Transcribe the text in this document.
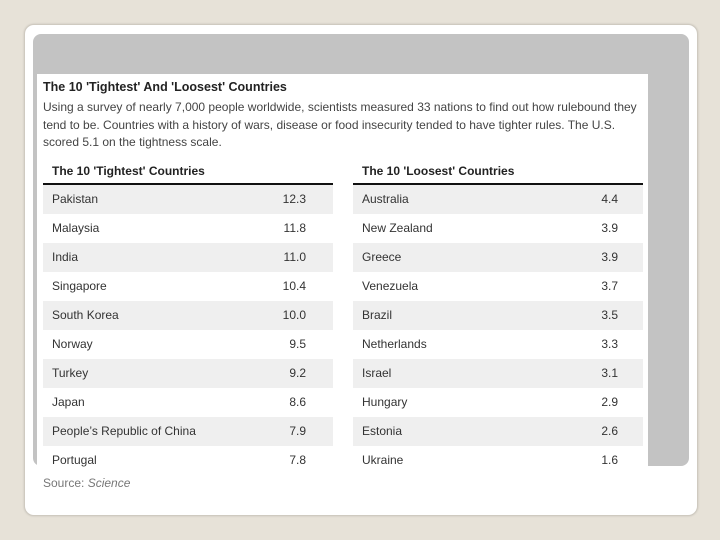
The 10 'Tightest' And 'Loosest' Countries

Using a survey of nearly 7,000 people worldwide, scientists measured 33 nations to find out how rulebound they tend to be. Countries with a history of wars, disease or food insecurity tended to have tighter rules. The U.S. scored 5.1 on the tightness scale.

The 10 'Tightest' Countries
Pakistan	12.3
Malaysia	11.8
India	11.0
Singapore	10.4
South Korea	10.0
Norway	9.5
Turkey	9.2
Japan	8.6
People’s Republic of China	7.9
Portugal	7.8
The 10 'Loosest' Countries
Australia	4.4
New Zealand	3.9
Greece	3.9
Venezuela	3.7
Brazil	3.5
Netherlands	3.3
Israel	3.1
Hungary	2.9
Estonia	2.6
Ukraine	1.6
Source: Science
